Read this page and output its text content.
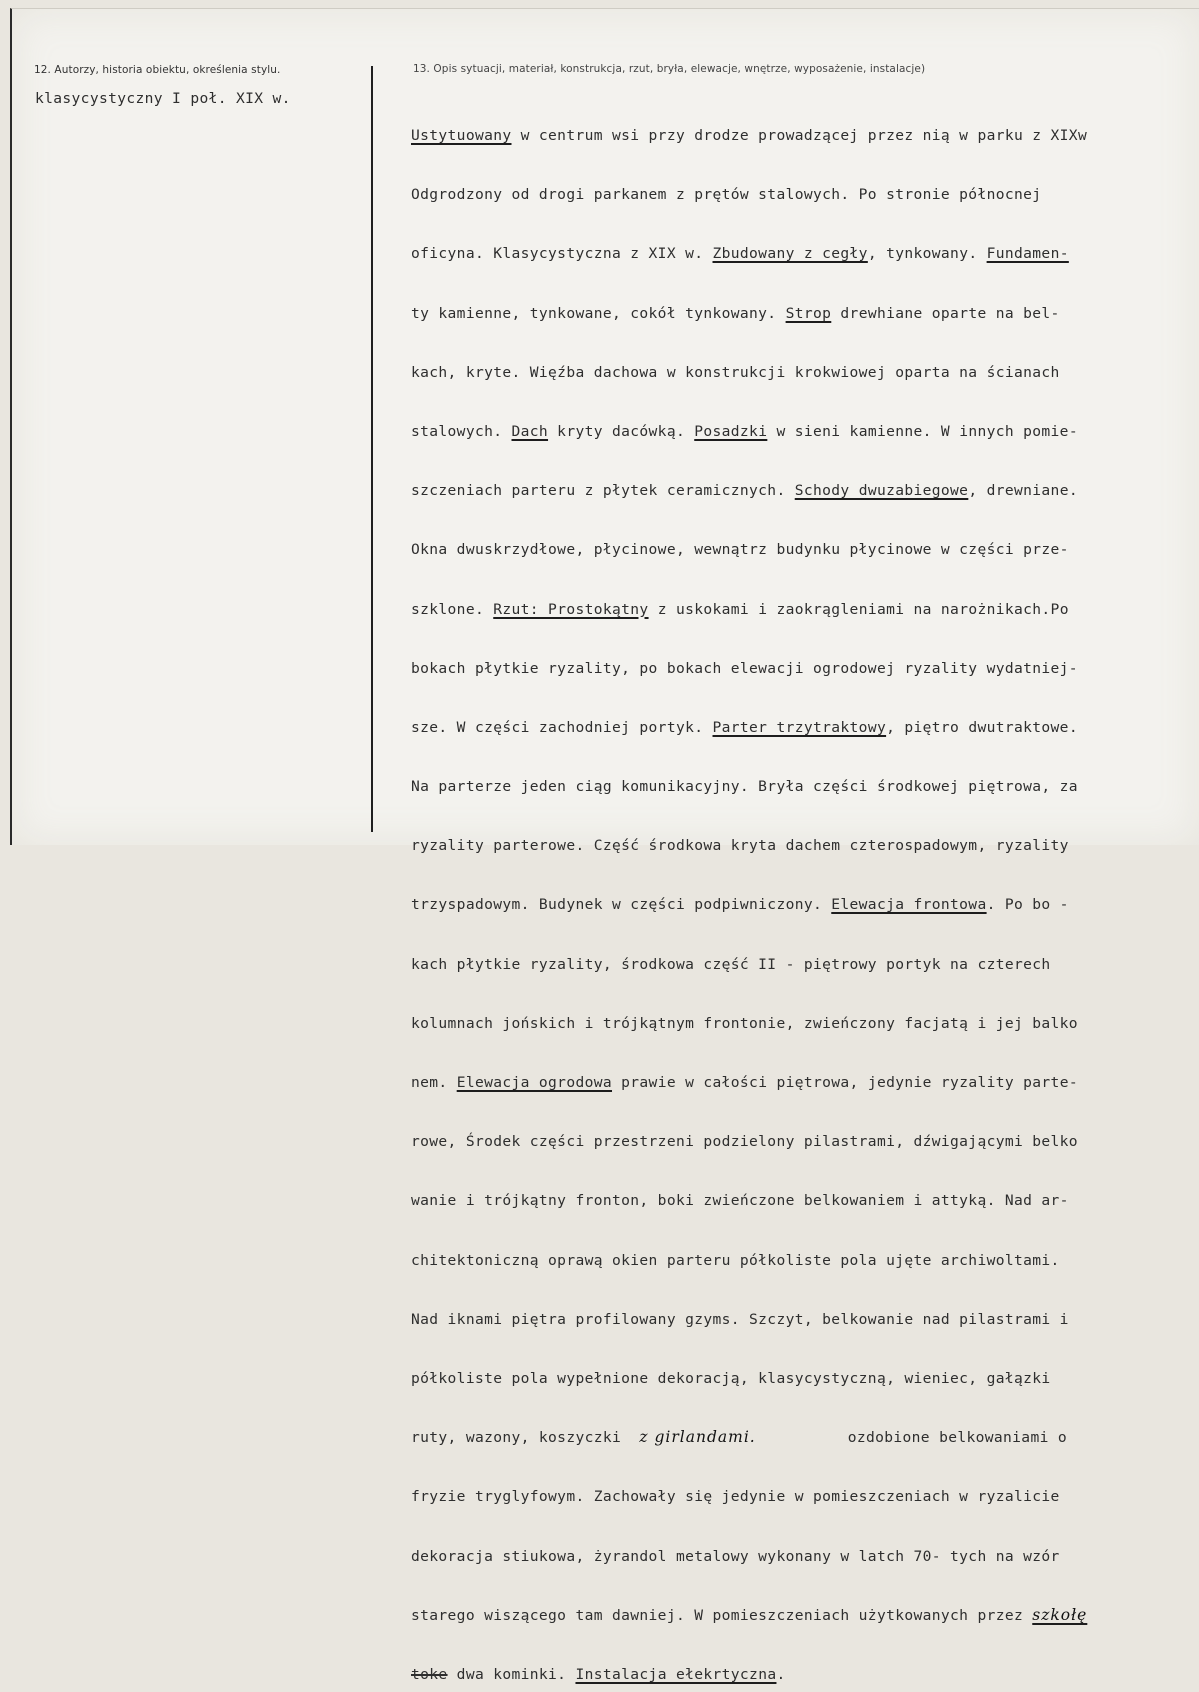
12. Autorzy, historia obiektu, określenia stylu.	13. Opis sytuacji, materiał, konstrukcja, rzut, bryła, elewacje, wnętrze, wyposażenie, instalacje)
klasycystyczny I poł. XIX w.

Ustytuowany w centrum wsi przy drodze prowadzącej przez nią w parku z XIXw

Odgrodzony od drogi parkanem z prętów stalowych. Po stronie północnej

oficyna. Klasycystyczna z XIX w. Zbudowany z cegły, tynkowany. Fundamen-

ty kamienne, tynkowane, cokół tynkowany. Strop drewhiane oparte na bel-

kach, kryte. Więźba dachowa w konstrukcji krokwiowej oparta na ścianach

stalowych. Dach kryty dacówką. Posadzki w sieni kamienne. W innych pomie-

szczeniach parteru z płytek ceramicznych. Schody dwuzabiegowe, drewniane.

Okna dwuskrzydłowe, płycinowe, wewnątrz budynku płycinowe w części prze-

szklone. Rzut: Prostokątny z uskokami i zaokrągleniami na narożnikach.Po

bokach płytkie ryzality, po bokach elewacji ogrodowej ryzality wydatniej-

sze. W części zachodniej portyk. Parter trzytraktowy, piętro dwutraktowe.

Na parterze jeden ciąg komunikacyjny. Bryła części środkowej piętrowa, za

ryzality parterowe. Część środkowa kryta dachem czterospadowym, ryzality

trzyspadowym. Budynek w części podpiwniczony. Elewacja frontowa. Po bo -

kach płytkie ryzality, środkowa część II - piętrowy portyk na czterech

kolumnach jońskich i trójkątnym frontonie, zwieńczony facjatą i jej balko

nem. Elewacja ogrodowa prawie w całości piętrowa, jedynie ryzality parte-

rowe, Środek części przestrzeni podzielony pilastrami, dźwigającymi belko

wanie i trójkątny fronton, boki zwieńczone belkowaniem i attyką. Nad ar-

chitektoniczną oprawą okien parteru półkoliste pola ujęte archiwoltami.

Nad iknami piętra profilowany gzyms. Szczyt, belkowanie nad pilastrami i

półkoliste pola wypełnione dekoracją, klasycystyczną, wieniec, gałązki

ruty, wazony, koszyczki  z girlandami.	ozdobione belkowaniami o

fryzie tryglyfowym. Zachowały się jedynie w pomieszczeniach w ryzalicie

dekoracja stiukowa, żyrandol metalowy wykonany w latch 70- tych na wzór

starego wiszącego tam dawniej. W pomieszczeniach użytkowanych przez szkołę

toke dwa kominki. Instalacja ełekrtyczna.
